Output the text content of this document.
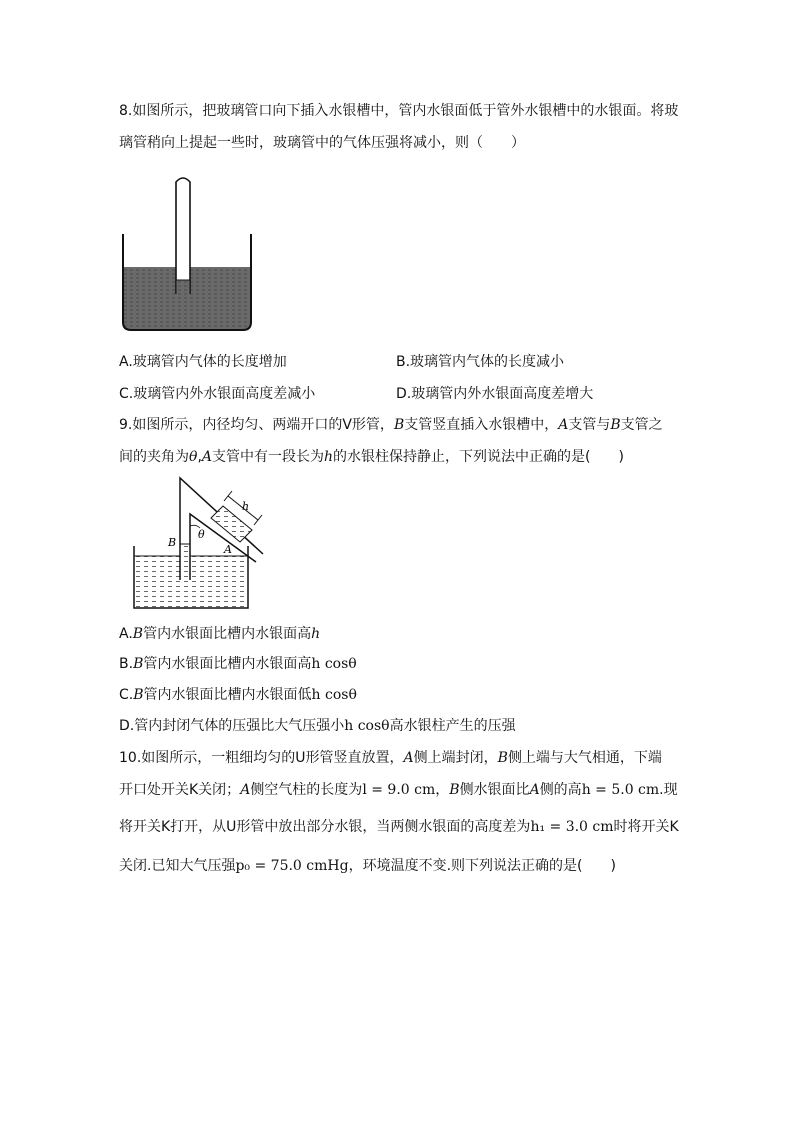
8.如图所示，把玻璃管口向下插入水银槽中，管内水银面低于管外水银槽中的水银面。将玻
璃管稍向上提起一些时，玻璃管中的气体压强将减小，则（　　）
A.玻璃管内气体的长度增加	B.玻璃管内气体的长度减小
C.玻璃管内外水银面高度差减小	D.玻璃管内外水银面高度差增大
9.如图所示，内径均匀、两端开口的V形管，B支管竖直插入水银槽中，A支管与B支管之
间的夹角为θ,A支管中有一段长为h的水银柱保持静止，下列说法中正确的是(　　)
h
θ
A
B
A.B管内水银面比槽内水银面高h
B.B管内水银面比槽内水银面高h cosθ
C.B管内水银面比槽内水银面低h cosθ
D.管内封闭气体的压强比大气压强小h cosθ高水银柱产生的压强
10.如图所示，一粗细均匀的U形管竖直放置，A侧上端封闭，B侧上端与大气相通，下端
开口处开关K关闭；A侧空气柱的长度为l = 9.0 cm，B侧水银面比A侧的高h = 5.0 cm.现
将开关K打开，从U形管中放出部分水银，当两侧水银面的高度差为h₁ = 3.0 cm时将开关K
关闭.已知大气压强p₀ = 75.0 cmHg，环境温度不变.则下列说法正确的是(　　)
